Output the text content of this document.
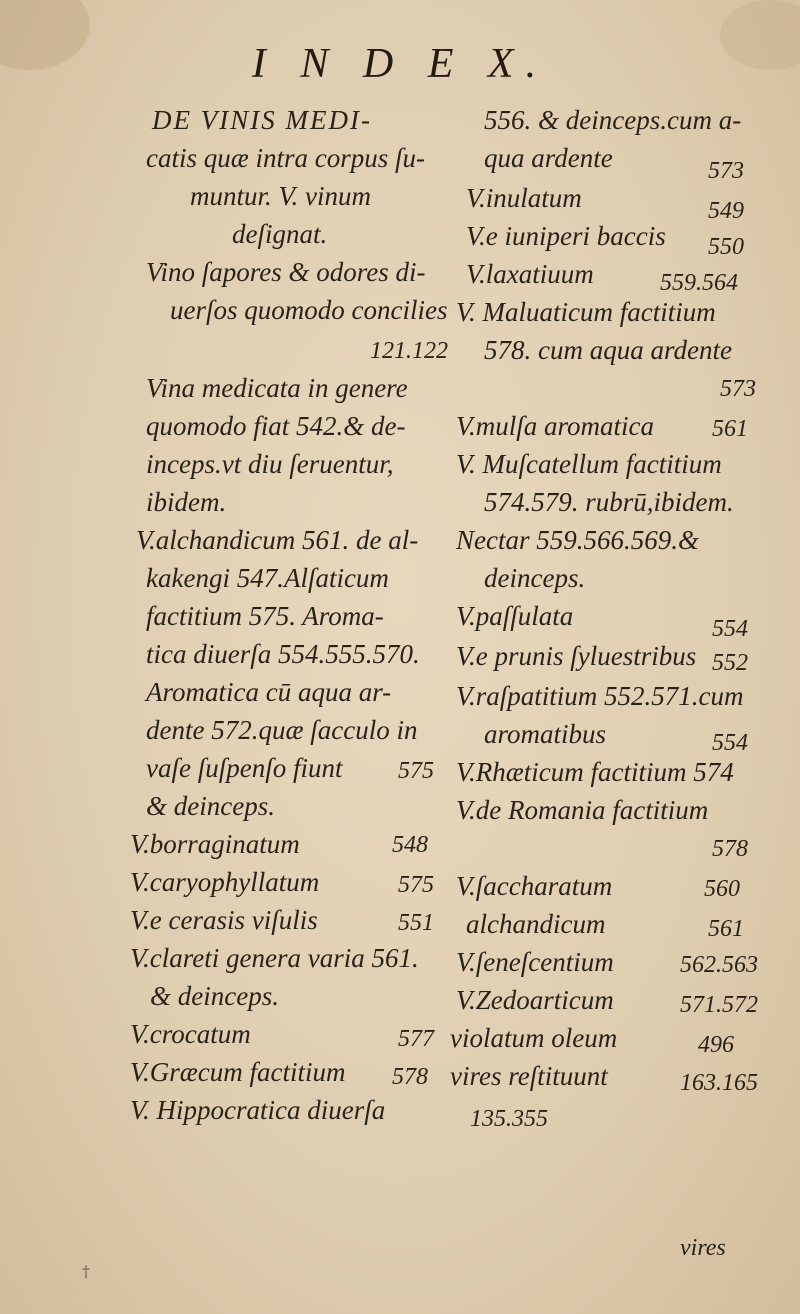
I N D E X.
DE VINIS MEDI-
catis quæ intra corpus ſu-
muntur. V. vinum
deſignat.
Vino ſapores & odores di-
uerſos quomodo concilies
121.122
Vina medicata in genere
quomodo fiat 542.& de-
inceps.vt diu ſeruentur,
ibidem.
V.alchandicum 561. de al-
kakengi 547.Alſaticum
factitium 575. Aroma-
tica diuerſa 554.555.570.
Aromatica cū aqua ar-
dente 572.quæ ſacculo in
vaſe ſuſpenſo fiunt 575
& deinceps.
V.borraginatum	548
V.caryophyllatum	575
V.e cerasis viſulis	551
V.clareti genera varia 561.
& deinceps.
V.crocatum	577
V.Græcum factitium 578
V. Hippocratica diuerſa
556. & deinceps.cum a-
qua ardente	573
V.inulatum	549
V.e iuniperi baccis 550
V.laxatiuum	559.564
V. Maluaticum factitium
578. cum aqua ardente
573
V.mulſa aromatica 561
V. Muſcatellum factitium
574.579. rubrū,ibidem.
Nectar 559.566.569.&
deinceps.
V.paſſulata	554
V.e prunis ſyluestribus 552
V.raſpatitium 552.571.cum
aromatibus	554
V.Rhæticum factitium 574
V.de Romania factitium
578
V.ſaccharatum	560
alchandicum	561
V.ſeneſcentium	562.563
V.Zedoarticum	571.572
violatum oleum	496
vires reſtituunt	163.165
135.355
vires
†
